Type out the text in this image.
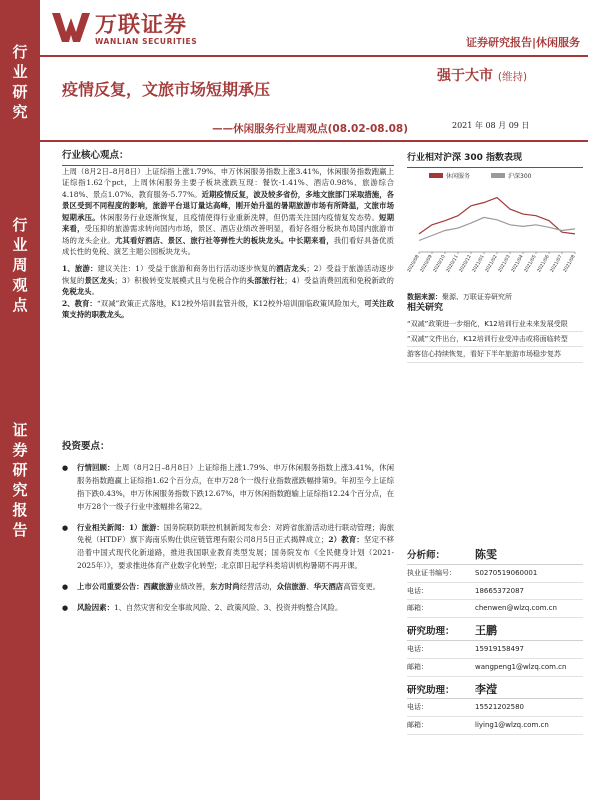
行
业
研
究
行
业
周
观
点
证
券
研
究
报
告
万联证券
WANLIAN SECURITIES	证券研究报告|休闲服务
疫情反复，文旅市场短期承压
强于大市 (维持)
——休闲服务行业周观点(08.02-08.08)	2021 年 08 月 09 日
行业核心观点：

上周（8月2日–8月8日）上证综指上涨1.79%、申万休闲服务指数上涨3.41%，休闲服务指数跑赢上证综指1.62个pct，上周休闲服务主要子板块涨跌互现：餐饮-1.41%、酒店0.98%、旅游综合4.18%、景点1.07%、教育服务-5.77%。近期疫情反复，波及较多省份，多地文旅部门采取措施，各景区受到不同程度的影响，旅游平台退订量达高峰，刚开始升温的暑期旅游市场有所降温，文旅市场短期承压。休闲服务行业逐渐恢复，且疫情使得行业重新洗牌，但仍需关注国内疫情复发态势。短期来看，受压抑的旅游需求转向国内市场，景区、酒店业绩改善明显，看好各细分板块布局国内旅游市场的龙头企业。尤其看好酒店、景区、旅行社等弹性大的板块龙头。中长期来看，我们看好具备优质成长性的免税、演艺主题公园板块龙头。

1、旅游：建议关注：1）受益于旅游和商务出行活动逐步恢复的酒店龙头；2）受益于旅游活动逐步恢复的景区龙头；3）积极转变发展模式且与免税合作的头部旅行社；4）受益消费回流和免税新政的免税龙头。

2、教育：“双减”政策正式落地，K12校外培训监管升级，K12校外培训面临政策风险加大，可关注政策支持的职教龙头。

投资要点：
● 行情回顾：上周（8月2日–8月8日）上证综指上涨1.79%、申万休闲服务指数上涨3.41%，休闲服务指数跑赢上证综指1.62个百分点，在申万28个一级行业指数涨跌幅排第9。年初至今上证综指下跌0.43%，申万休闲服务指数下跌12.67%，申万休闲指数跑输上证综指12.24个百分点，在申万28个一级子行业中涨幅排名第22。
● 行业相关新闻：1）旅游：国务院联防联控机制新闻发布会：对跨省旅游活动进行联动管理；海旅免税（HTDF）旗下海南乐购仕供应链管理有限公司8月5日正式揭牌成立；2）教育：坚定不移沿着中国式现代化新道路，推进我国职业教育类型发展；国务院发布《全民健身计划（2021-2025年）》，要求推进体育产业数字化转型；北京即日起学科类培训机构暑期不再开课。
● 上市公司重要公告：西藏旅游业绩改善，东方时尚经营活动，众信旅游、华天酒店高管变更。
● 风险因素：1、自然灾害和安全事故风险、2、政策风险、3、投资并购整合风险。
行业相对沪深 300 指数表现
休闲服务	沪深300
2020/08 2020/09 2020/10 2020/11 2020/12 2021/01 2021/02 2021/03 2021/04 2021/05 2021/06 2021/07 2021/08
数据来源：聚源、万联证券研究所
相关研究

“双减”政策进一步细化，K12培训行业未来发展受限

“双减”文件出台，K12培训行业受冲击或将面临转型

游客信心持续恢复，看好下半年旅游市场稳步复苏

分析师：	陈雯
执业证书编号：	S0270519060001
电话：	18665372087
邮箱：	chenwen@wlzq.com.cn
研究助理：	王鹏
电话：	15919158497
邮箱：	wangpeng1@wlzq.com.cn
研究助理：	李滢
电话：	15521202580
邮箱：	liying1@wlzq.com.cn
